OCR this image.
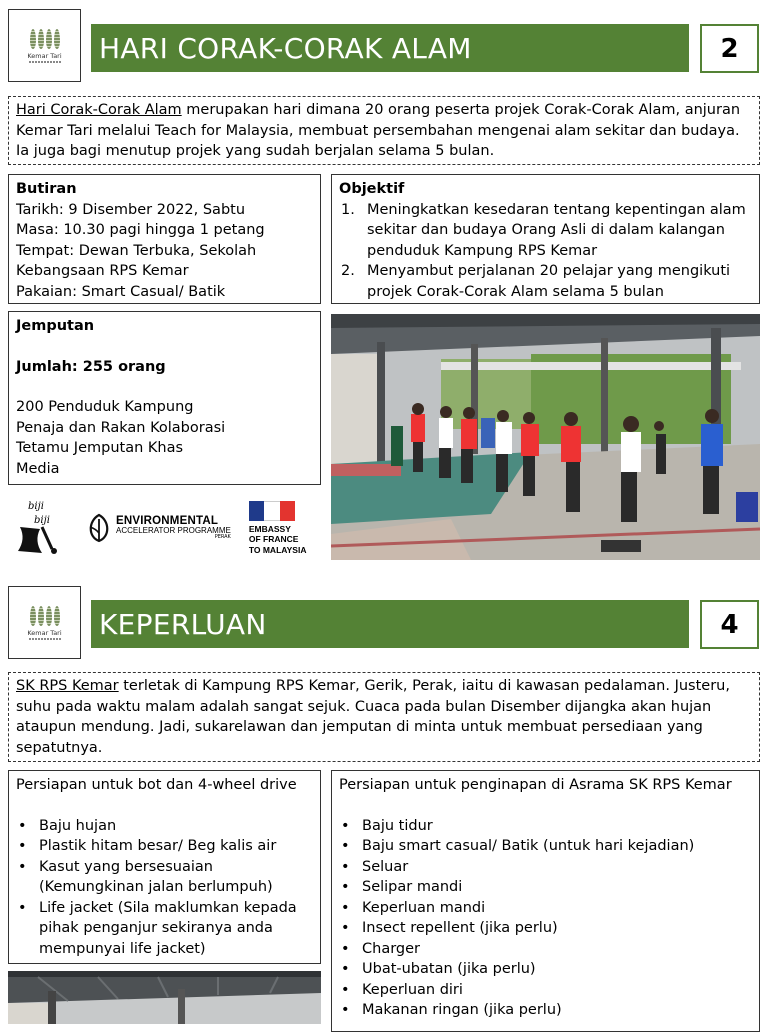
Kemar Tari HARI CORAK-CORAK ALAM	2
Hari Corak-Corak Alam merupakan hari dimana 20 orang peserta projek Corak-Corak Alam, anjuran Kemar Tari melalui Teach for Malaysia, membuat persembahan mengenai alam sekitar dan budaya. Ia juga bagi menutup projek yang sudah berjalan selama 5 bulan.
Butiran
Tarikh: 9 Disember 2022, Sabtu
Masa: 10.30 pagi hingga 1 petang
Tempat: Dewan Terbuka, Sekolah Kebangsaan RPS Kemar
Pakaian: Smart Casual/ Batik
Objektif
1. Meningkatkan kesedaran tentang kepentingan alam sekitar dan budaya Orang Asli di dalam kalangan penduduk Kampung RPS Kemar
2. Menyambut perjalanan 20 pelajar yang mengikuti projek Corak-Corak Alam selama 5 bulan
Jemputan
Jumlah: 255 orang
200 Penduduk Kampung
Penaja dan Rakan Kolaborasi
Tetamu Jemputan Khas
Media
biji
biji	ENVIRONMENTAL
ACCELERATOR PROGRAMME
PERAK
EMBASSY
OF FRANCE
TO MALAYSIA
Kemar Tari KEPERLUAN	4
SK RPS Kemar terletak di Kampung RPS Kemar, Gerik, Perak, iaitu di kawasan pedalaman. Justeru, suhu pada waktu malam adalah sangat sejuk. Cuaca pada bulan Disember dijangka akan hujan ataupun mendung. Jadi, sukarelawan dan jemputan di minta untuk membuat persediaan yang sepatutnya.
Persiapan untuk bot dan 4-wheel drive
• Baju hujan
• Plastik hitam besar/ Beg kalis air
• Kasut yang bersesuaian (Kemungkinan jalan berlumpuh)
• Life jacket (Sila maklumkan kepada pihak penganjur sekiranya anda mempunyai life jacket)
Persiapan untuk penginapan di Asrama SK RPS Kemar
• Baju tidur
• Baju smart casual/ Batik (untuk hari kejadian)
• Seluar
• Selipar mandi
• Keperluan mandi
• Insect repellent (jika perlu)
• Charger
• Ubat-ubatan (jika perlu)
• Keperluan diri
• Makanan ringan (jika perlu)
